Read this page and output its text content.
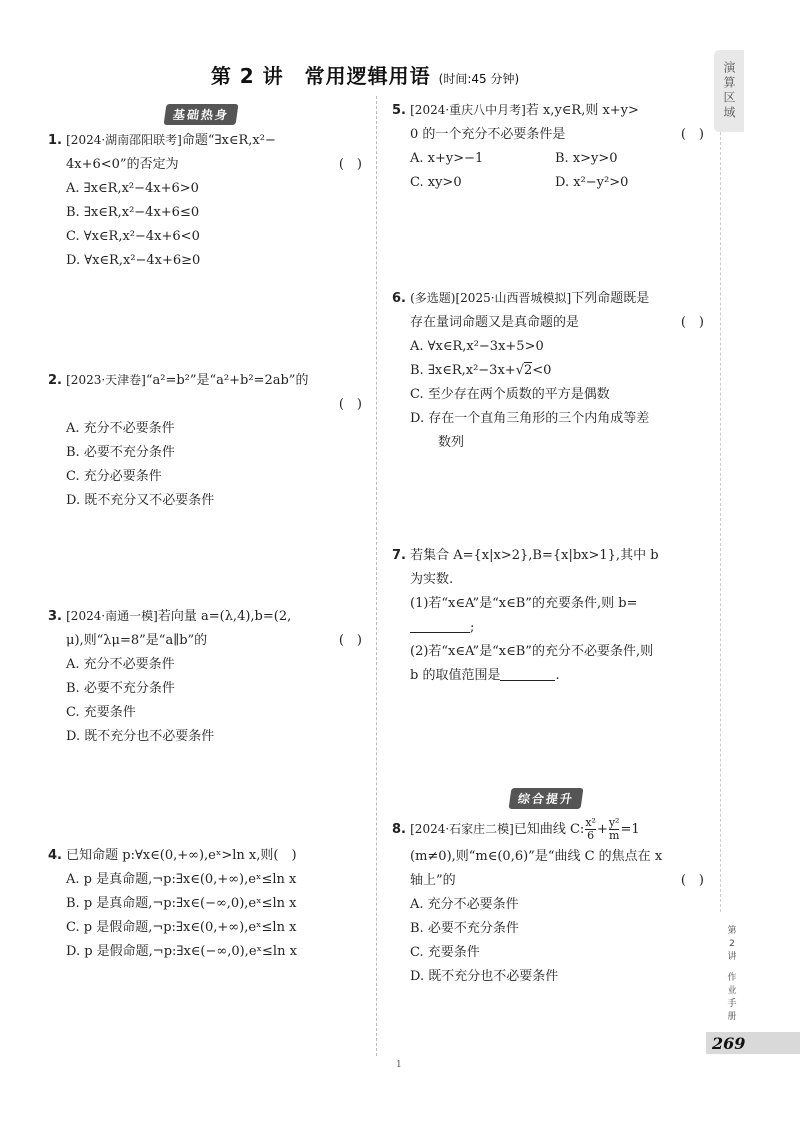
第 2 讲　常用逻辑用语 (时间:45 分钟)	演算区域
第
2
讲
作
业
手
册
269
1
基础热身
1. [2024·湖南邵阳联考]命题“∃x∈R,x²−
4x+6<0”的否定为	(　)
A. ∃x∈R,x²−4x+6>0
B. ∃x∈R,x²−4x+6≤0
C. ∀x∈R,x²−4x+6<0
D. ∀x∈R,x²−4x+6≥0
2. [2023·天津卷]“a²=b²”是“a²+b²=2ab”的
(　)
A. 充分不必要条件
B. 必要不充分条件
C. 充分必要条件
D. 既不充分又不必要条件
3. [2024·南通一模]若向量 a=(λ,4),b=(2,
μ),则“λμ=8”是“a∥b”的	(　)
A. 充分不必要条件
B. 必要不充分条件
C. 充要条件
D. 既不充分也不必要条件
4. 已知命题 p:∀x∈(0,+∞),eˣ>ln x,则(　)
A. p 是真命题,¬p:∃x∈(0,+∞),eˣ≤ln x
B. p 是真命题,¬p:∃x∈(−∞,0),eˣ≤ln x
C. p 是假命题,¬p:∃x∈(0,+∞),eˣ≤ln x
D. p 是假命题,¬p:∃x∈(−∞,0),eˣ≤ln x
5. [2024·重庆八中月考]若 x,y∈R,则 x+y>
0 的一个充分不必要条件是	(　)
A. x+y>−1	B. x>y>0
C. xy>0	D. x²−y²>0
6. (多选题)[2025·山西晋城模拟]下列命题既是
存在量词命题又是真命题的是	(　)
A. ∀x∈R,x²−3x+5>0
B. ∃x∈R,x²−3x+√2<0
C. 至少存在两个质数的平方是偶数
D. 存在一个直角三角形的三个内角成等差
数列
7. 若集合 A={x|x>2},B={x|bx>1},其中 b
为实数.
(1)若“x∈A”是“x∈B”的充要条件,则 b=
;
(2)若“x∈A”是“x∈B”的充分不必要条件,则
b 的取值范围是	.
综合提升
8. [2024·石家庄二模]已知曲线 C: $\frac{\text{x²}}{6} + \frac{\text{y²}}{m} =1$
(m≠0),则“m∈(0,6)”是“曲线 C 的焦点在 x
轴上”的	(　)
A. 充分不必要条件
B. 必要不充分条件
C. 充要条件
D. 既不充分也不必要条件
